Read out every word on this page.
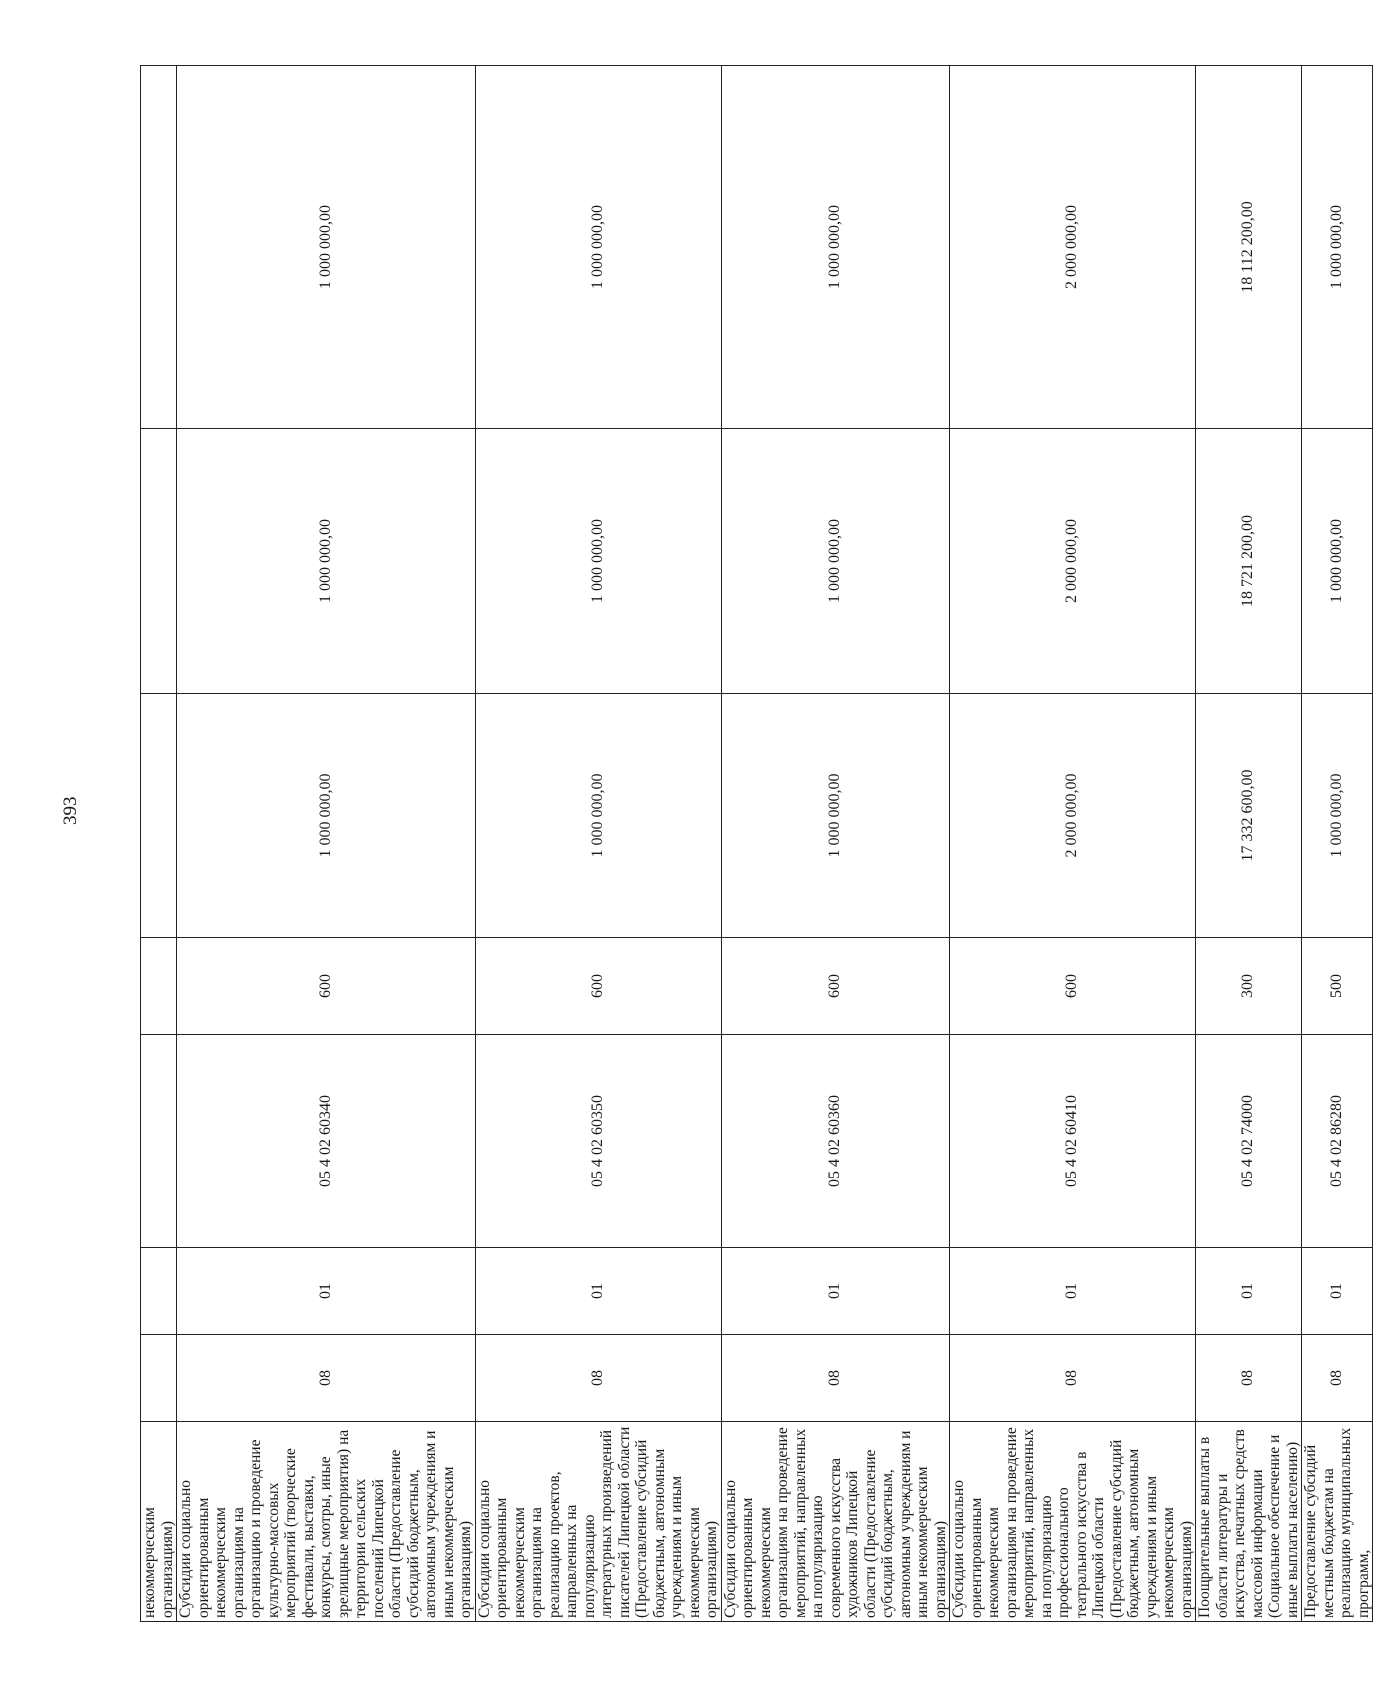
393
некоммерческим организациям)							
Субсидии социально ориентированным некоммерческим организациям на организацию и проведение культурно-массовых мероприятий (творческие фестивали, выставки, конкурсы, смотры, иные зрелищные мероприятия) на территории сельских поселений Липецкой области (Предоставление субсидий бюджетным, автономным учреждениям и иным некоммерческим организациям)	08	01	05 4 02 60340	600	1 000 000,00	1 000 000,00	1 000 000,00
Субсидии социально ориентированным некоммерческим организациям на реализацию проектов, направленных на популяризацию литературных произведений писателей Липецкой области (Предоставление субсидий бюджетным, автономным учреждениям и иным некоммерческим организациям)	08	01	05 4 02 60350	600	1 000 000,00	1 000 000,00	1 000 000,00
Субсидии социально ориентированным некоммерческим организациям на проведение мероприятий, направленных на популяризацию современного искусства художников Липецкой области (Предоставление субсидий бюджетным, автономным учреждениям и иным некоммерческим организациям)	08	01	05 4 02 60360	600	1 000 000,00	1 000 000,00	1 000 000,00
Субсидии социально ориентированным некоммерческим организациям на проведение мероприятий, направленных на популяризацию профессионального театрального искусства в Липецкой области (Предоставление субсидий бюджетным, автономным учреждениям и иным некоммерческим организациям)	08	01	05 4 02 60410	600	2 000 000,00	2 000 000,00	2 000 000,00
Поощрительные выплаты в области литературы и искусства, печатных средств массовой информации (Социальное обеспечение и иные выплаты населению)	08	01	05 4 02 74000	300	17 332 600,00	18 721 200,00	18 112 200,00
Предоставление субсидий местным бюджетам на реализацию муниципальных программ,	08	01	05 4 02 86280	500	1 000 000,00	1 000 000,00	1 000 000,00
